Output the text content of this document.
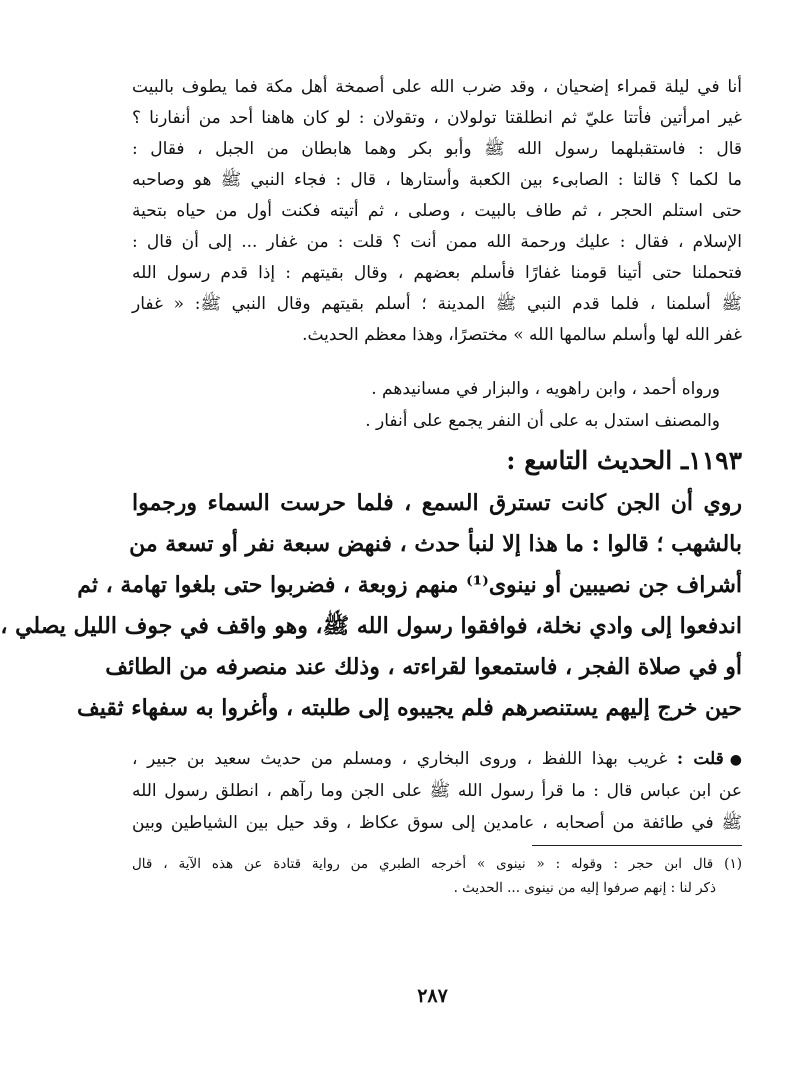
أنا في ليلة قمراء إضحيان ، وقد ضرب الله على أصمخة أهل مكة فما يطوف بالبيت
غير امرأتين فأتتا عليّ ثم انطلقتا تولولان ، وتقولان : لو كان هاهنا أحد من أنفارنا ؟
قال : فاستقبلهما رسول الله ﷺ وأبو بكر وهما هابطان من الجبل ، فقال :
ما لكما ؟ قالتا : الصابىء بين الكعبة وأستارها ، قال : فجاء النبي ﷺ هو وصاحبه
حتى استلم الحجر ، ثم طاف بالبيت ، وصلى ، ثم أتيته فكنت أول من حياه بتحية
الإسلام ، فقال : عليك ورحمة الله ممن أنت ؟ قلت : من غفار ... إلى أن قال :
فتحملنا حتى أتينا قومنا غفارًا فأسلم بعضهم ، وقال بقيتهم : إذا قدم رسول الله
ﷺ أسلمنا ، فلما قدم النبي ﷺ المدينة ؛ أسلم بقيتهم وقال النبي ﷺ: « غفار
غفر الله لها وأسلم سالمها الله » مختصرًا، وهذا معظم الحديث.
ورواه أحمد ، وابن راهويه ، والبزار في مسانيدهم .
والمصنف استدل به على أن النفر يجمع على أنفار .
١١٩٣ـ الحديث التاسع :
روي أن الجن كانت تسترق السمع ، فلما حرست السماء ورجموا
بالشهب ؛ قالوا : ما هذا إلا لنبأ حدث ، فنهض سبعة نفر أو تسعة من
أشراف جن نصيبين أو نينوى⁽¹⁾ منهم زوبعة ، فضربوا حتى بلغوا تهامة ، ثم
اندفعوا إلى وادي نخلة، فوافقوا رسول الله ﷺ، وهو واقف في جوف الليل يصلي ،
أو في صلاة الفجر ، فاستمعوا لقراءته ، وذلك عند منصرفه من الطائف
حين خرج إليهم يستنصرهم فلم يجيبوه إلى طلبته ، وأغروا به سفهاء ثقيف
●قلت : غريب بهذا اللفظ ، وروى البخاري ، ومسلم من حديث سعيد بن جبير ،
عن ابن عباس قال : ما قرأ رسول الله ﷺ على الجن وما رآهم ، انطلق رسول الله
ﷺ في طائفة من أصحابه ، عامدين إلى سوق عكاظ ، وقد حيل بين الشياطين وبين
(١) قال ابن حجر : وقوله : « نينوى » أخرجه الطبري من رواية قتادة عن هذه الآية ، قال
ذكر لنا : إنهم صرفوا إليه من نينوى ... الحديث .
٢٨٧
